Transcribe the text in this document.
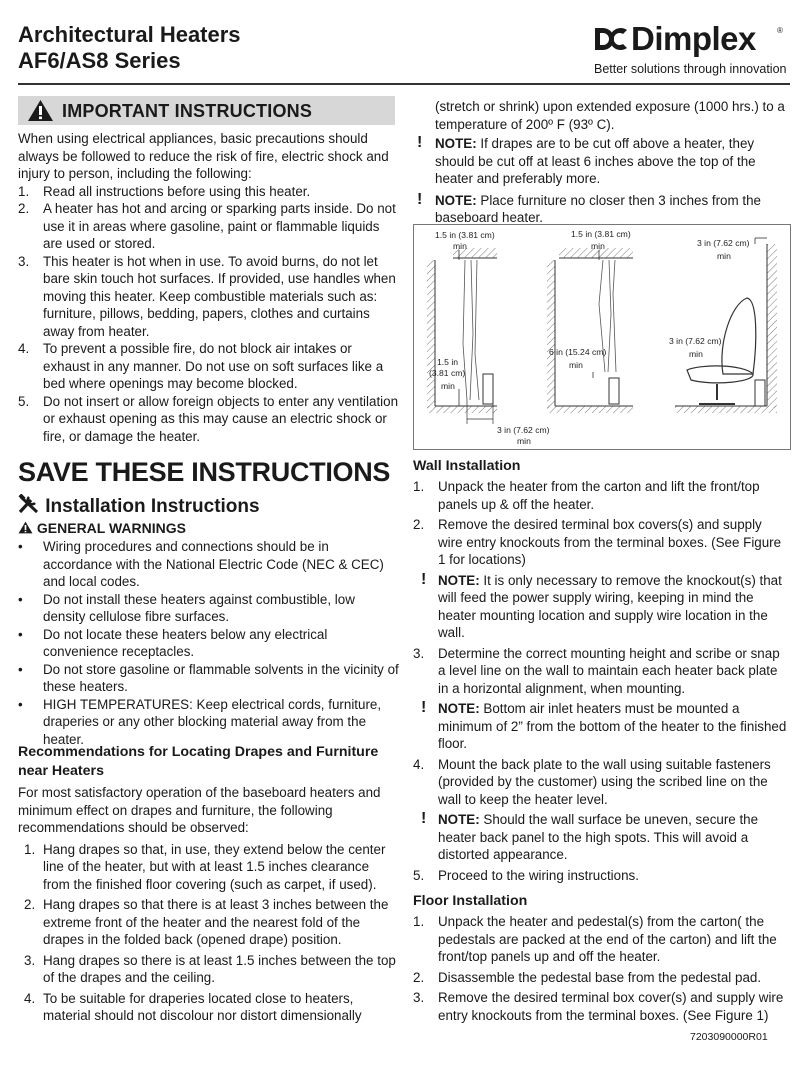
Architectural Heaters
AF6/AS8 Series
Dimplex	®
Better solutions through innovation
IMPORTANT INSTRUCTIONS
When using electrical appliances, basic precautions should always be followed to reduce the risk of fire, electric shock and injury to person, including the following:
1. Read all instructions before using this heater.
2. A heater has hot and arcing or sparking parts inside. Do not use it in areas where gasoline, paint or flammable liquids are used or stored.
3. This heater is hot when in use. To avoid burns, do not let bare skin touch hot surfaces. If provided, use handles when moving this heater. Keep combustible materials such as: furniture, pillows, bedding, papers, clothes and curtains away from heater.
4. To prevent a possible fire, do not block air intakes or exhaust in any manner. Do not use on soft surfaces like a bed where openings may become blocked.
5. Do not insert or allow foreign objects to enter any ventilation or exhaust opening as this may cause an electric shock or fire, or damage the heater.
SAVE THESE INSTRUCTIONS
Installation Instructions
GENERAL WARNINGS
• Wiring procedures and connections should be in accordance with the National Electric Code (NEC & CEC) and local codes.
• Do not install these heaters against combustible, low density cellulose fibre surfaces.
• Do not locate these heaters below any electrical convenience receptacles.
• Do not store gasoline or flammable solvents in the vicinity of these heaters.
• HIGH TEMPERATURES: Keep electrical cords, furniture, draperies or any other blocking material away from the heater.
Recommendations for Locating Drapes and Furniture near Heaters
For most satisfactory operation of the baseboard heaters and minimum effect on drapes and furniture, the following recommendations should be observed:
1. Hang drapes so that, in use, they extend below the center line of the heater, but with at least 1.5 inches clearance from the finished floor covering (such as carpet, if used).
2. Hang drapes so that there is at least 3 inches between the extreme front of the heater and the nearest fold of the drapes in the folded back (opened drape) position.
3. Hang drapes so there is at least 1.5 inches between the top of the drapes and the ceiling.
4. To be suitable for draperies located close to heaters, material should not discolour nor distort dimensionally
(stretch or shrink) upon extended exposure (1000 hrs.) to a temperature of 200º F (93º C).
! NOTE: If drapes are to be cut off above a heater, they should be cut off at least 6 inches above the top of the heater and preferably more.
! NOTE: Place furniture no closer then 3 inches from the baseboard heater.
1.5 in (3.81 cm)
min
1.5 in
(3.81 cm)
min
3 in (7.62 cm)
min
1.5 in (3.81 cm)
min
6 in (15.24 cm)
min
3 in (7.62 cm)
min
3 in (7.62 cm)
min
Wall Installation
1. Unpack the heater from the carton and lift the front/top panels up & off the heater.
2. Remove the desired terminal box covers(s) and supply wire entry knockouts from the terminal boxes. (See Figure 1 for locations)
! NOTE: It is only necessary to remove the knockout(s) that will feed the power supply wiring, keeping in mind the heater mounting location and supply wire location in the wall.
3. Determine the correct mounting height and scribe or snap a level line on the wall to maintain each heater back plate in a horizontal alignment, when mounting.
! NOTE: Bottom air inlet heaters must be mounted a minimum of 2” from the bottom of the heater to the finished floor.
4. Mount the back plate to the wall using suitable fasteners (provided by the customer) using the scribed line on the wall to keep the heater level.
! NOTE: Should the wall surface be uneven, secure the heater back panel to the high spots. This will avoid a distorted appearance.
5. Proceed to the wiring instructions.
Floor Installation
1. Unpack the heater and pedestal(s) from the carton( the pedestals are packed at the end of the carton) and lift the front/top panels up and off the heater.
2. Disassemble the pedestal base from the pedestal pad.
3. Remove the desired terminal box cover(s) and supply wire entry knockouts from the terminal boxes. (See Figure 1)
7203090000R01
